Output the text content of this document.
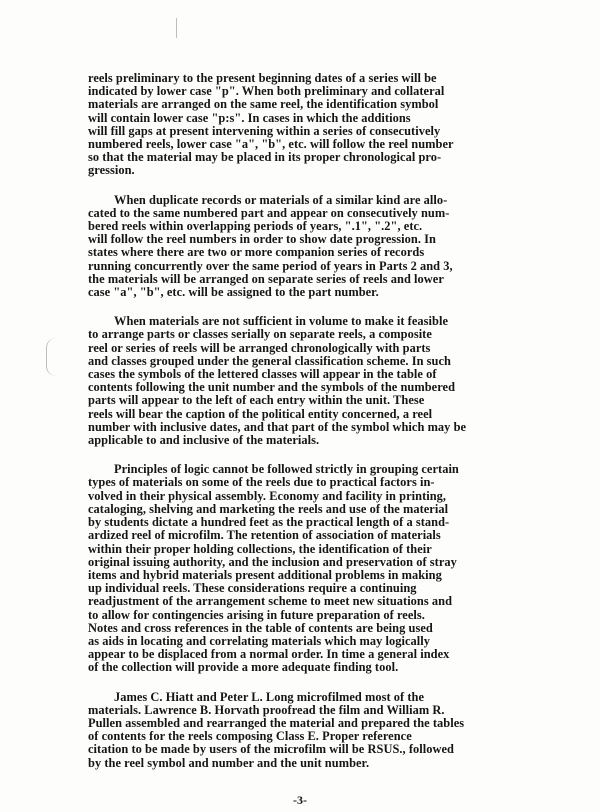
reels preliminary to the present beginning dates of a series will be
indicated by lower case "p". When both preliminary and collateral
materials are arranged on the same reel, the identification symbol
will contain lower case "p:s". In cases in which the additions
will fill gaps at present intervening within a series of consecutively
numbered reels, lower case "a", "b", etc. will follow the reel number
so that the material may be placed in its proper chronological pro-
gression.
When duplicate records or materials of a similar kind are allo-
cated to the same numbered part and appear on consecutively num-
bered reels within overlapping periods of years, ".1", ".2", etc.
will follow the reel numbers in order to show date progression. In
states where there are two or more companion series of records
running concurrently over the same period of years in Parts 2 and 3,
the materials will be arranged on separate series of reels and lower
case "a", "b", etc. will be assigned to the part number.
When materials are not sufficient in volume to make it feasible
to arrange parts or classes serially on separate reels, a composite
reel or series of reels will be arranged chronologically with parts
and classes grouped under the general classification scheme. In such
cases the symbols of the lettered classes will appear in the table of
contents following the unit number and the symbols of the numbered
parts will appear to the left of each entry within the unit. These
reels will bear the caption of the political entity concerned, a reel
number with inclusive dates, and that part of the symbol which may be
applicable to and inclusive of the materials.
Principles of logic cannot be followed strictly in grouping certain
types of materials on some of the reels due to practical factors in-
volved in their physical assembly. Economy and facility in printing,
cataloging, shelving and marketing the reels and use of the material
by students dictate a hundred feet as the practical length of a stand-
ardized reel of microfilm. The retention of association of materials
within their proper holding collections, the identification of their
original issuing authority, and the inclusion and preservation of stray
items and hybrid materials present additional problems in making
up individual reels. These considerations require a continuing
readjustment of the arrangement scheme to meet new situations and
to allow for contingencies arising in future preparation of reels.
Notes and cross references in the table of contents are being used
as aids in locating and correlating materials which may logically
appear to be displaced from a normal order. In time a general index
of the collection will provide a more adequate finding tool.
James C. Hiatt and Peter L. Long microfilmed most of the
materials. Lawrence B. Horvath proofread the film and William R.
Pullen assembled and rearranged the material and prepared the tables
of contents for the reels composing Class E. Proper reference
citation to be made by users of the microfilm will be RSUS., followed
by the reel symbol and number and the unit number.
-3-
